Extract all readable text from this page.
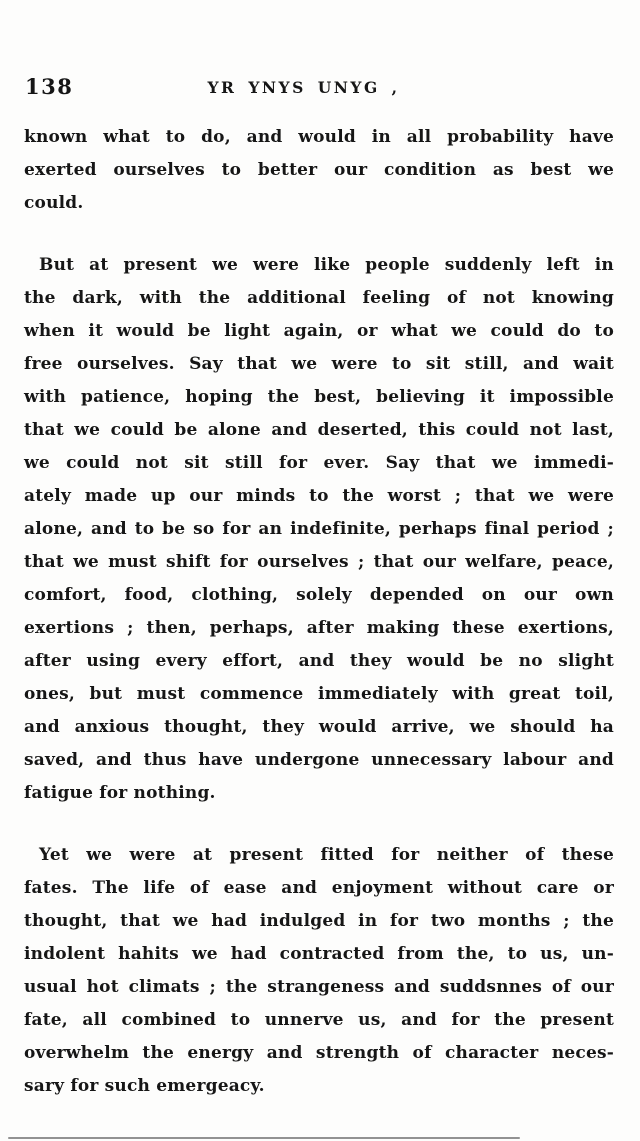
138	YR YNYS UNYG ,
known what to do, and would in all probability have
exerted ourselves to better our condition as best we
could.
But at present we were like people suddenly left in
the dark, with the additional feeling of not knowing
when it would be light again, or what we could do to
free ourselves. Say that we were to sit still, and wait
with patience, hoping the best, believing it impossible
that we could be alone and deserted, this could not last,
we could not sit still for ever. Say that we immedi-
ately made up our minds to the worst ; that we were
alone, and to be so for an indefinite, perhaps final period ;
that we must shift for ourselves ; that our welfare, peace,
comfort, food, clothing, solely depended on our own
exertions ; then, perhaps, after making these exertions,
after using every effort, and they would be no slight
ones, but must commence immediately with great toil,
and anxious thought, they would arrive, we should ha
saved, and thus have undergone unnecessary labour and
fatigue for nothing.
Yet we were at present fitted for neither of these
fates. The life of ease and enjoyment without care or
thought, that we had indulged in for two months ; the
indolent hahits we had contracted from the, to us, un-
usual hot climats ; the strangeness and suddsnnes of our
fate, all combined to unnerve us, and for the present
overwhelm the energy and strength of character neces-
sary for such emergeacy.
